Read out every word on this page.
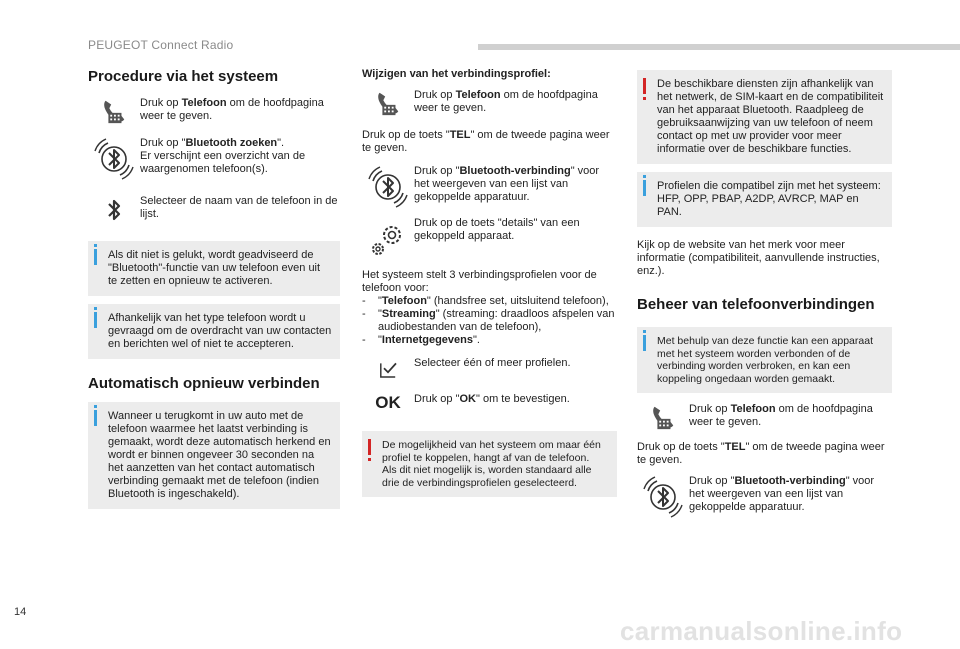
PEUGEOT Connect Radio
Procedure via het systeem
Druk op Telefoon om de hoofdpagina weer te geven.
Druk op "Bluetooth zoeken".
Er verschijnt een overzicht van de waargenomen telefoon(s).
Selecteer de naam van de telefoon in de lijst.
Als dit niet is gelukt, wordt geadviseerd de "Bluetooth"-functie van uw telefoon even uit te zetten en opnieuw te activeren.
Afhankelijk van het type telefoon wordt u gevraagd om de overdracht van uw contacten en berichten wel of niet te accepteren.
Automatisch opnieuw verbinden
Wanneer u terugkomt in uw auto met de telefoon waarmee het laatst verbinding is gemaakt, wordt deze automatisch herkend en wordt er binnen ongeveer 30 seconden na het aanzetten van het contact automatisch verbinding gemaakt met de telefoon (indien Bluetooth is ingeschakeld).
Wijzigen van het verbindingsprofiel:
Druk op Telefoon om de hoofdpagina weer te geven.
Druk op de toets "TEL" om de tweede pagina weer te geven.
Druk op "Bluetooth-verbinding" voor het weergeven van een lijst van gekoppelde apparatuur.
Druk op de toets "details" van een gekoppeld apparaat.
Het systeem stelt 3 verbindingsprofielen voor de telefoon voor:
-	"Telefoon" (handsfree set, uitsluitend telefoon),
-	"Streaming" (streaming: draadloos afspelen van audiobestanden van de telefoon),
-	"Internetgegevens".
Selecteer één of meer profielen.
OK Druk op "OK" om te bevestigen.
De mogelijkheid van het systeem om maar één profiel te koppelen, hangt af van de telefoon.
Als dit niet mogelijk is, worden standaard alle drie de verbindingsprofielen geselecteerd.
De beschikbare diensten zijn afhankelijk van het netwerk, de SIM-kaart en de compatibiliteit van het apparaat Bluetooth. Raadpleeg de gebruiksaanwijzing van uw telefoon of neem contact op met uw provider voor meer informatie over de beschikbare functies.
Profielen die compatibel zijn met het systeem: HFP, OPP, PBAP, A2DP, AVRCP, MAP en PAN.
Kijk op de website van het merk voor meer informatie (compatibiliteit, aanvullende instructies, enz.).
Beheer van telefoonverbindingen
Met behulp van deze functie kan een apparaat met het systeem worden verbonden of de verbinding worden verbroken, en kan een koppeling ongedaan worden gemaakt.
Druk op Telefoon om de hoofdpagina weer te geven.
Druk op de toets "TEL" om de tweede pagina weer te geven.
Druk op "Bluetooth-verbinding" voor het weergeven van een lijst van gekoppelde apparatuur.
14
carmanualsonline.info
